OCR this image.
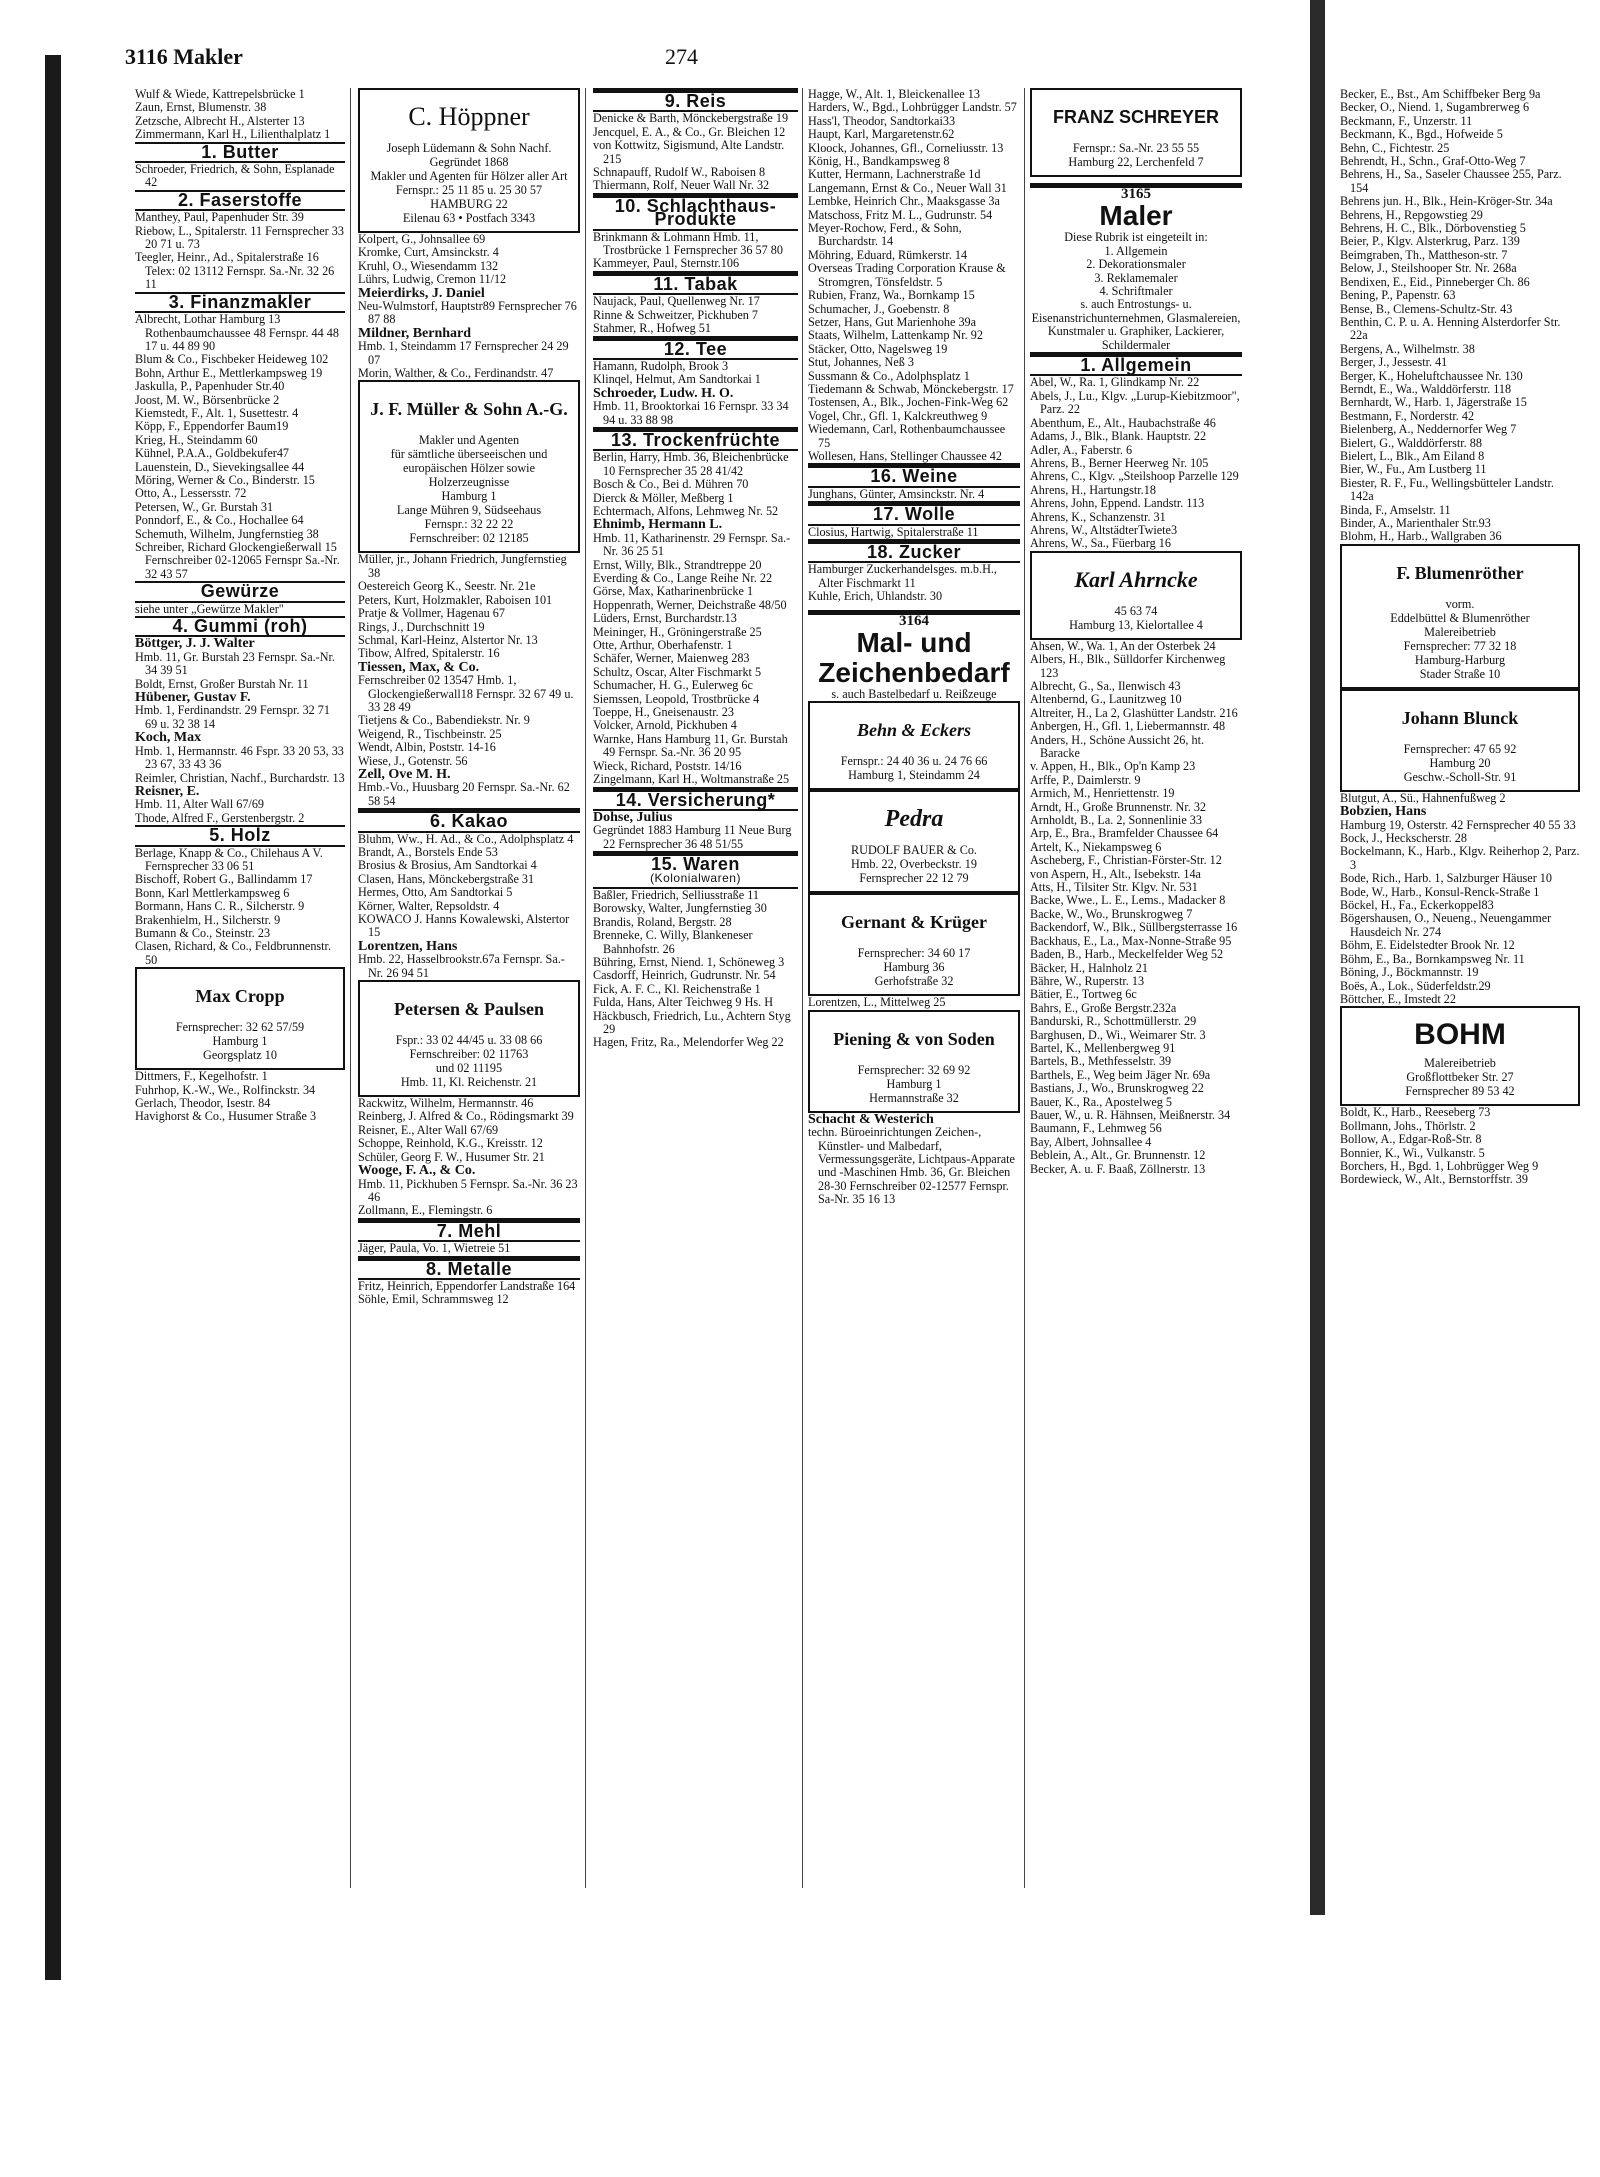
3116 Makler	274
Wulf & Wiede, Kattrepelsbrücke 1
Zaun, Ernst, Blumenstr. 38
Zetzsche, Albrecht H., Alsterter 13
Zimmermann, Karl H., Lilienthalplatz 1
1. Butter
Schroeder, Friedrich, & Sohn, Esplanade 42
2. Faserstoffe
Manthey, Paul, Papenhuder Str. 39
Riebow, L., Spitalerstr. 11 Fernsprecher 33 20 71 u. 73
Teegler, Heinr., Ad., Spitalerstraße 16 Telex: 02 13112 Fernspr. Sa.-Nr. 32 26 11
3. Finanzmakler
Albrecht, Lothar Hamburg 13 Rothenbaumchaussee 48 Fernspr. 44 48 17 u. 44 89 90
Blum & Co., Fischbeker Heideweg 102
Bohn, Arthur E., Mettlerkampsweg 19
Jaskulla, P., Papenhuder Str.40
Joost, M. W., Börsenbrücke 2
Kiemstedt, F., Alt. 1, Susettestr. 4
Köpp, F., Eppendorfer Baum19
Krieg, H., Steindamm 60
Kühnel, P.A.A., Goldbekufer47
Lauenstein, D., Sievekingsallee 44
Möring, Werner & Co., Binderstr. 15
Otto, A., Lessersstr. 72
Petersen, W., Gr. Burstah 31
Ponndorf, E., & Co., Hochallee 64
Schemuth, Wilhelm, Jungfernstieg 38
Schreiber, Richard Glockengießerwall 15 Fernschreiber 02-12065 Fernspr Sa.-Nr. 32 43 57
Gewürze
siehe unter „Gewürze Makler"
4. Gummi (roh)
Böttger, J. J. Walter
Hmb. 11, Gr. Burstah 23 Fernspr. Sa.-Nr. 34 39 51
Boldt, Ernst, Großer Burstah Nr. 11
Hübener, Gustav F.
Hmb. 1, Ferdinandstr. 29 Fernspr. 32 71 69 u. 32 38 14
Koch, Max
Hmb. 1, Hermannstr. 46 Fspr. 33 20 53, 33 23 67, 33 43 36
Reimler, Christian, Nachf., Burchardstr. 13
Reisner, E.
Hmb. 11, Alter Wall 67/69
Thode, Alfred F., Gerstenbergstr. 2
5. Holz
Berlage, Knapp & Co., Chilehaus A V. Fernsprecher 33 06 51
Bischoff, Robert G., Ballindamm 17
Bonn, Karl Mettlerkampsweg 6
Bormann, Hans C. R., Silcherstr. 9
Brakenhielm, H., Silcherstr. 9
Bumann & Co., Steinstr. 23
Clasen, Richard, & Co., Feldbrunnenstr. 50

Max Cropp

Fernsprecher: 32 62 57/59
Hamburg 1
Georgsplatz 10

Dittmers, F., Kegelhofstr. 1
Fuhrhop, K.-W., We., Rolfinckstr. 34
Gerlach, Theodor, Isestr. 84
Havighorst & Co., Husumer Straße 3

C. Höppner

Joseph Lüdemann & Sohn Nachf.
Gegründet 1868
Makler und Agenten für Hölzer aller Art
Fernspr.: 25 11 85 u. 25 30 57
HAMBURG 22
Eilenau 63 • Postfach 3343

Kolpert, G., Johnsallee 69
Kromke, Curt, Amsinckstr. 4
Kruhl, O., Wiesendamm 132
Lührs, Ludwig, Cremon 11/12
Meierdirks, J. Daniel
Neu-Wulmstorf, Hauptstr89 Fernsprecher 76 87 88
Mildner, Bernhard
Hmb. 1, Steindamm 17 Fernsprecher 24 29 07
Morin, Walther, & Co., Ferdinandstr. 47

J. F. Müller & Sohn A.-G.

Makler und Agenten
für sämtliche überseeischen und europäischen Hölzer sowie Holzerzeugnisse
Hamburg 1
Lange Mühren 9, Südseehaus
Fernspr.: 32 22 22
Fernschreiber: 02 12185

Müller, jr., Johann Friedrich, Jungfernstieg 38
Oestereich Georg K., Seestr. Nr. 21e
Peters, Kurt, Holzmakler, Raboisen 101
Pratje & Vollmer, Hagenau 67
Rings, J., Durchschnitt 19
Schmal, Karl-Heinz, Alstertor Nr. 13
Tibow, Alfred, Spitalerstr. 16
Tiessen, Max, & Co.
Fernschreiber 02 13547 Hmb. 1, Glockengießerwall18 Fernspr. 32 67 49 u. 33 28 49
Tietjens & Co., Babendiekstr. Nr. 9
Weigend, R., Tischbeinstr. 25
Wendt, Albin, Poststr. 14-16
Wiese, J., Gotenstr. 56
Zell, Ove M. H.
Hmb.-Vo., Huusbarg 20 Fernspr. Sa.-Nr. 62 58 54
6. Kakao
Bluhm, Ww., H. Ad., & Co., Adolphsplatz 4
Brandt, A., Borstels Ende 53
Brosius & Brosius, Am Sandtorkai 4
Clasen, Hans, Mönckebergstraße 31
Hermes, Otto, Am Sandtorkai 5
Körner, Walter, Repsoldstr. 4
KOWACO J. Hanns Kowalewski, Alstertor 15
Lorentzen, Hans
Hmb. 22, Hasselbrookstr.67a Fernspr. Sa.-Nr. 26 94 51

Petersen & Paulsen

Fspr.: 33 02 44/45 u. 33 08 66
Fernschreiber: 02 11763
und 02 11195
Hmb. 11, Kl. Reichenstr. 21

Rackwitz, Wilhelm, Hermannstr. 46
Reinberg, J. Alfred & Co., Rödingsmarkt 39
Reisner, E., Alter Wall 67/69
Schoppe, Reinhold, K.G., Kreisstr. 12
Schüler, Georg F. W., Husumer Str. 21
Wooge, F. A., & Co.
Hmb. 11, Pickhuben 5 Fernspr. Sa.-Nr. 36 23 46
Zollmann, E., Flemingstr. 6
7. Mehl
Jäger, Paula, Vo. 1, Wietreie 51
8. Metalle
Fritz, Heinrich, Eppendorfer Landstraße 164
Söhle, Emil, Schrammsweg 12
9. Reis
Denicke & Barth, Mönckebergstraße 19
Jencquel, E. A., & Co., Gr. Bleichen 12
von Kottwitz, Sigismund, Alte Landstr. 215
Schnapauff, Rudolf W., Raboisen 8
Thiermann, Rolf, Neuer Wall Nr. 32
10. Schlachthaus-Produkte
Brinkmann & Lohmann Hmb. 11, Trostbrücke 1 Fernsprecher 36 57 80
Kammeyer, Paul, Sternstr.106
11. Tabak
Naujack, Paul, Quellenweg Nr. 17
Rinne & Schweitzer, Pickhuben 7
Stahmer, R., Hofweg 51
12. Tee
Hamann, Rudolph, Brook 3
Klinqel, Helmut, Am Sandtorkai 1
Schroeder, Ludw. H. O.
Hmb. 11, Brooktorkai 16 Fernspr. 33 34 94 u. 33 88 98
13. Trockenfrüchte
Berlin, Harry, Hmb. 36, Bleichenbrücke 10 Fernsprecher 35 28 41/42
Bosch & Co., Bei d. Mühren 70
Dierck & Möller, Meßberg 1
Echtermach, Alfons, Lehmweg Nr. 52
Ehnimb, Hermann L.
Hmb. 11, Katharinenstr. 29 Fernspr. Sa.-Nr. 36 25 51
Ernst, Willy, Blk., Strandtreppe 20
Everding & Co., Lange Reihe Nr. 22
Görse, Max, Katharinenbrücke 1
Hoppenrath, Werner, Deichstraße 48/50
Lüders, Ernst, Burchardstr.13
Meininger, H., Gröningerstraße 25
Otte, Arthur, Oberhafenstr. 1
Schäfer, Werner, Maienweg 283
Schultz, Oscar, Alter Fischmarkt 5
Schumacher, H. G., Eulerweg 6c
Siemssen, Leopold, Trostbrücke 4
Toeppe, H., Gneisenaustr. 23
Volcker, Arnold, Pickhuben 4
Warnke, Hans Hamburg 11, Gr. Burstah 49 Fernspr. Sa.-Nr. 36 20 95
Wieck, Richard, Poststr. 14/16
Zingelmann, Karl H., Woltmanstraße 25
14. Versicherung*
Dohse, Julius
Gegründet 1883 Hamburg 11 Neue Burg 22 Fernsprecher 36 48 51/55
15. Waren
(Kolonialwaren)
Baßler, Friedrich, Selliusstraße 11
Borowsky, Walter, Jungfernstieg 30
Brandis, Roland, Bergstr. 28
Brenneke, C. Willy, Blankeneser Bahnhofstr. 26
Bühring, Ernst, Niend. 1, Schöneweg 3
Casdorff, Heinrich, Gudrunstr. Nr. 54
Fick, A. F. C., Kl. Reichenstraße 1
Fulda, Hans, Alter Teichweg 9 Hs. H
Häckbusch, Friedrich, Lu., Achtern Styg 29
Hagen, Fritz, Ra., Melendorfer Weg 22
Hagge, W., Alt. 1, Bleickenallee 13
Harders, W., Bgd., Lohbrügger Landstr. 57
Hass'l, Theodor, Sandtorkai33
Haupt, Karl, Margaretenstr.62
Kloock, Johannes, Gfl., Corneliusstr. 13
König, H., Bandkampsweg 8
Kutter, Hermann, Lachnerstraße 1d
Langemann, Ernst & Co., Neuer Wall 31
Lembke, Heinrich Chr., Maaksgasse 3a
Matschoss, Fritz M. L., Gudrunstr. 54
Meyer-Rochow, Ferd., & Sohn, Burchardstr. 14
Möhring, Eduard, Rümkerstr. 14
Overseas Trading Corporation Krause & Stromgren, Tönsfeldstr. 5
Rubien, Franz, Wa., Bornkamp 15
Schumacher, J., Goebenstr. 8
Setzer, Hans, Gut Marienhohe 39a
Staats, Wilhelm, Lattenkamp Nr. 92
Stäcker, Otto, Nagelsweg 19
Stut, Johannes, Neß 3
Sussmann & Co., Adolphsplatz 1
Tiedemann & Schwab, Mönckebergstr. 17
Tostensen, A., Blk., Jochen-Fink-Weg 62
Vogel, Chr., Gfl. 1, Kalckreuthweg 9
Wiedemann, Carl, Rothenbaumchaussee 75
Wollesen, Hans, Stellinger Chaussee 42
16. Weine
Junghans, Günter, Amsinckstr. Nr. 4
17. Wolle
Closius, Hartwig, Spitalerstraße 11
18. Zucker
Hamburger Zuckerhandelsges. m.b.H., Alter Fischmarkt 11
Kuhle, Erich, Uhlandstr. 30
3164
Mal- und Zeichenbedarf
s. auch Bastelbedarf u. Reißzeuge

Behn & Eckers

Fernspr.: 24 40 36 u. 24 76 66
Hamburg 1, Steindamm 24

Pedra

RUDOLF BAUER & Co.
Hmb. 22, Overbeckstr. 19
Fernsprecher 22 12 79

Gernant & Krüger

Fernsprecher: 34 60 17
Hamburg 36
Gerhofstraße 32

Lorentzen, L., Mittelweg 25

Piening & von Soden

Fernsprecher: 32 69 92
Hamburg 1
Hermannstraße 32

Schacht & Westerich
techn. Büroeinrichtungen Zeichen-, Künstler- und Malbedarf, Vermessungsgeräte, Lichtpaus-Apparate und -Maschinen Hmb. 36, Gr. Bleichen 28-30 Fernschreiber 02-12577 Fernspr. Sa-Nr. 35 16 13

FRANZ SCHREYER

Fernspr.: Sa.-Nr. 23 55 55
Hamburg 22, Lerchenfeld 7

3165
Maler
Diese Rubrik ist eingeteilt in:
1. Allgemein
2. Dekorationsmaler
3. Reklamemaler
4. Schriftmaler
s. auch Entrostungs- u. Eisenanstrichunternehmen, Glasmalereien, Kunstmaler u. Graphiker, Lackierer, Schildermaler
1. Allgemein
Abel, W., Ra. 1, Glindkamp Nr. 22
Abels, J., Lu., Klgv. „Lurup-Kiebitzmoor", Parz. 22
Abenthum, E., Alt., Haubachstraße 46
Adams, J., Blk., Blank. Hauptstr. 22
Adler, A., Faberstr. 6
Ahrens, B., Berner Heerweg Nr. 105
Ahrens, C., Klgv. „Steilshoop Parzelle 129
Ahrens, H., Hartungstr.18
Ahrens, John, Eppend. Landstr. 113
Ahrens, K., Schanzenstr. 31
Ahrens, W., AltstädterTwiete3
Ahrens, W., Sa., Füerbarg 16

Karl Ahrncke

45 63 74
Hamburg 13, Kielortallee 4

Ahsen, W., Wa. 1, An der Osterbek 24
Albers, H., Blk., Sülldorfer Kirchenweg 123
Albrecht, G., Sa., Ilenwisch 43
Altenbernd, G., Launitzweg 10
Altreiter, H., La 2, Glashütter Landstr. 216
Anbergen, H., Gfl. 1, Liebermannstr. 48
Anders, H., Schöne Aussicht 26, ht. Baracke
v. Appen, H., Blk., Op'n Kamp 23
Arffe, P., Daimlerstr. 9
Armich, M., Henriettenstr. 19
Arndt, H., Große Brunnenstr. Nr. 32
Arnholdt, B., La. 2, Sonnenlinie 33
Arp, E., Bra., Bramfelder Chaussee 64
Artelt, K., Niekampsweg 6
Ascheberg, F., Christian-Förster-Str. 12
von Aspern, H., Alt., Isebekstr. 14a
Atts, H., Tilsiter Str. Klgv. Nr. 531
Backe, Wwe., L. E., Lems., Madacker 8
Backe, W., Wo., Brunskrogweg 7
Backendorf, W., Blk., Süllbergsterrasse 16
Backhaus, E., La., Max-Nonne-Straße 95
Baden, B., Harb., Meckelfelder Weg 52
Bäcker, H., Halnholz 21
Bähre, W., Ruperstr. 13
Bätier, E., Tortweg 6c
Bahrs, E., Große Bergstr.232a
Bandurski, R., Schottmüllerstr. 29
Barghusen, D., Wi., Weimarer Str. 3
Bartel, K., Mellenbergweg 91
Bartels, B., Methfesselstr. 39
Barthels, E., Weg beim Jäger Nr. 69a
Bastians, J., Wo., Brunskrogweg 22
Bauer, K., Ra., Apostelweg 5
Bauer, W., u. R. Hähnsen, Meißnerstr. 34
Baumann, F., Lehmweg 56
Bay, Albert, Johnsallee 4
Beblein, A., Alt., Gr. Brunnenstr. 12
Becker, A. u. F. Baaß, Zöllnerstr. 13
Becker, E., Bst., Am Schiffbeker Berg 9a
Becker, O., Niend. 1, Sugambrerweg 6
Beckmann, F., Unzerstr. 11
Beckmann, K., Bgd., Hofweide 5
Behn, C., Fichtestr. 25
Behrendt, H., Schn., Graf-Otto-Weg 7
Behrens, H., Sa., Saseler Chaussee 255, Parz. 154
Behrens jun. H., Blk., Hein-Kröger-Str. 34a
Behrens, H., Repgowstieg 29
Behrens, H. C., Blk., Dörbovenstieg 5
Beier, P., Klgv. Alsterkrug, Parz. 139
Beimgraben, Th., Mattheson-str. 7
Below, J., Steilshooper Str. Nr. 268a
Bendixen, E., Eid., Pinneberger Ch. 86
Bening, P., Papenstr. 63
Bense, B., Clemens-Schultz-Str. 43
Benthin, C. P. u. A. Henning Alsterdorfer Str. 22a
Bergens, A., Wilhelmstr. 38
Berger, J., Jessestr. 41
Berger, K., Hoheluftchaussee Nr. 130
Berndt, E., Wa., Walddörferstr. 118
Bernhardt, W., Harb. 1, Jägerstraße 15
Bestmann, F., Norderstr. 42
Bielenberg, A., Neddernorfer Weg 7
Bielert, G., Walddörferstr. 88
Bielert, L., Blk., Am Eiland 8
Bier, W., Fu., Am Lustberg 11
Biester, R. F., Fu., Wellingsbütteler Landstr. 142a
Binda, F., Amselstr. 11
Binder, A., Marienthaler Str.93
Blohm, H., Harb., Wallgraben 36

F. Blumenröther

vorm.
Eddelbüttel & Blumenröther
Malereibetrieb
Fernsprecher: 77 32 18
Hamburg-Harburg
Stader Straße 10

Johann Blunck

Fernsprecher: 47 65 92
Hamburg 20
Geschw.-Scholl-Str. 91

Blutgut, A., Sü., Hahnenfußweg 2
Bobzien, Hans
Hamburg 19, Osterstr. 42 Fernsprecher 40 55 33
Bock, J., Heckscherstr. 28
Bockelmann, K., Harb., Klgv. Reiherhop 2, Parz. 3
Bode, Rich., Harb. 1, Salzburger Häuser 10
Bode, W., Harb., Konsul-Renck-Straße 1
Böckel, H., Fa., Eckerkoppel83
Bögershausen, O., Neueng., Neuengammer Hausdeich Nr. 274
Böhm, E. Eidelstedter Brook Nr. 12
Böhm, E., Ba., Bornkampsweg Nr. 11
Böning, J., Böckmannstr. 19
Boës, A., Lok., Süderfeldstr.29
Böttcher, E., Imstedt 22

BOHM

Malereibetrieb
Großflottbeker Str. 27
Fernsprecher 89 53 42

Boldt, K., Harb., Reeseberg 73
Bollmann, Johs., Thörlstr. 2
Bollow, A., Edgar-Roß-Str. 8
Bonnier, K., Wi., Vulkanstr. 5
Borchers, H., Bgd. 1, Lohbrügger Weg 9
Bordewieck, W., Alt., Bernstorffstr. 39
